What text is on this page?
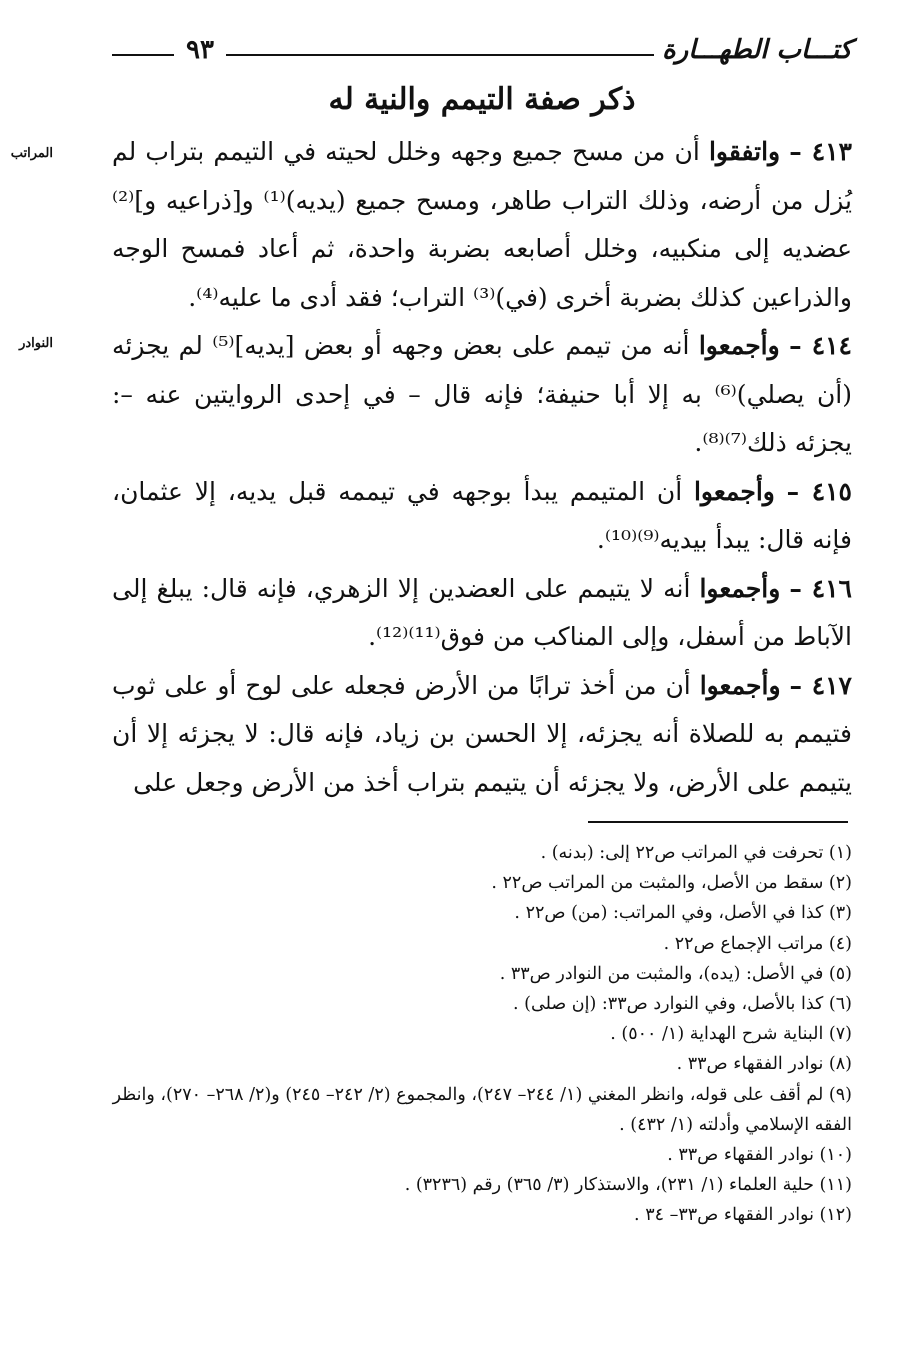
٩٣	كتـــاب الطهـــارة
ذكر صفة التيمم والنية له
المراتب
النوادر

٤١٣ – واتفقوا أن من مسح جميع وجهه وخلل لحيته في التيمم بتراب لم يُزل من أرضه، وذلك التراب طاهر، ومسح جميع (يديه)⁽¹⁾ و[ذراعيه و]⁽²⁾ عضديه إلى منكبيه، وخلل أصابعه بضربة واحدة، ثم أعاد فمسح الوجه والذراعين كذلك بضربة أخرى (في)⁽³⁾ التراب؛ فقد أدى ما عليه⁽⁴⁾.

٤١٤ – وأجمعوا أنه من تيمم على بعض وجهه أو بعض [يديه]⁽⁵⁾ لم يجزئه (أن يصلي)⁽⁶⁾ به إلا أبا حنيفة؛ فإنه قال – في إحدى الروايتين عنه –: يجزئه ذلك⁽⁷⁾⁽⁸⁾.

٤١٥ – وأجمعوا أن المتيمم يبدأ بوجهه في تيممه قبل يديه، إلا عثمان، فإنه قال: يبدأ بيديه⁽⁹⁾⁽¹⁰⁾.

٤١٦ – وأجمعوا أنه لا يتيمم على العضدين إلا الزهري، فإنه قال: يبلغ إلى الآباط من أسفل، وإلى المناكب من فوق⁽¹¹⁾⁽¹²⁾.

٤١٧ – وأجمعوا أن من أخذ ترابًا من الأرض فجعله على لوح أو على ثوب فتيمم به للصلاة أنه يجزئه، إلا الحسن بن زياد، فإنه قال: لا يجزئه إلا أن يتيمم على الأرض، ولا يجزئه أن يتيمم بتراب أخذ من الأرض وجعل على

(١) تحرفت في المراتب ص٢٢ إلى: (بدنه) .

(٢) سقط من الأصل، والمثبت من المراتب ص٢٢ .

(٣) كذا في الأصل، وفي المراتب: (من) ص٢٢ .

(٤) مراتب الإجماع ص٢٢ .

(٥) في الأصل: (يده)، والمثبت من النوادر ص٣٣ .

(٦) كذا بالأصل، وفي النوارد ص٣٣: (إن صلى) .

(٧) البناية شرح الهداية (١/ ٥٠٠) .

(٨) نوادر الفقهاء ص٣٣ .

(٩) لم أقف على قوله، وانظر المغني (١/ ٢٤٤– ٢٤٧)، والمجموع (٢/ ٢٤٢– ٢٤٥) و(٢/ ٢٦٨– ٢٧٠)، وانظر الفقه الإسلامي وأدلته (١/ ٤٣٢) .

(١٠) نوادر الفقهاء ص٣٣ .

(١١) حلية العلماء (١/ ٢٣١)، والاستذكار (٣/ ٣٦٥) رقم (٣٢٣٦) .

(١٢) نوادر الفقهاء ص٣٣– ٣٤ .
